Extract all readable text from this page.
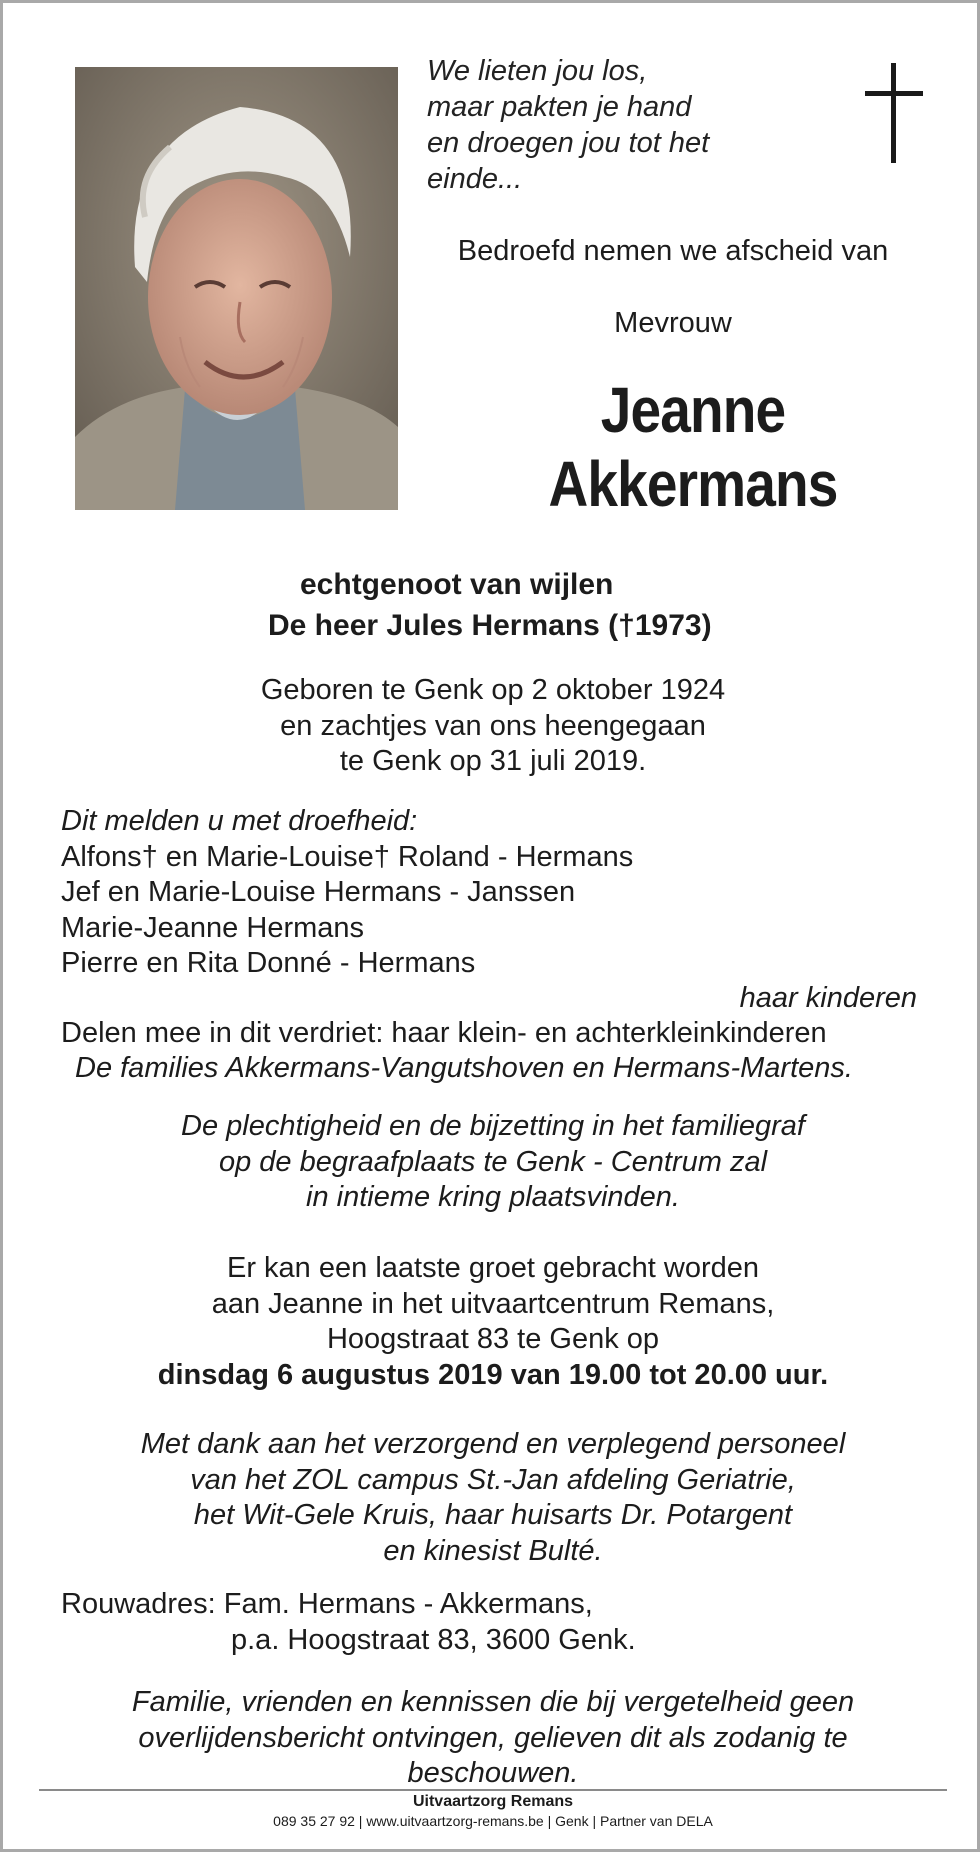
We lieten jou los,
maar pakten je hand
en droegen jou tot het
einde...
Bedroefd nemen we afscheid van
Mevrouw
Jeanne
Akkermans
echtgenoot van wijlen
De heer Jules Hermans (†1973)
Geboren te Genk op 2 oktober 1924
en zachtjes van ons heengegaan
te Genk op 31 juli 2019.
Dit melden u met droefheid:
Alfons† en Marie-Louise† Roland - Hermans
Jef en Marie-Louise Hermans - Janssen
Marie-Jeanne Hermans
Pierre en Rita Donné - Hermans
haar kinderen
Delen mee in dit verdriet: haar klein- en achterkleinkinderen
De families Akkermans-Vangutshoven en Hermans-Martens.
De plechtigheid en de bijzetting in het familiegraf
op de begraafplaats te Genk - Centrum zal
in intieme kring plaatsvinden.
Er kan een laatste groet gebracht worden
aan Jeanne in het uitvaartcentrum Remans,
Hoogstraat 83 te Genk op
dinsdag 6 augustus 2019 van 19.00 tot 20.00 uur.
Met dank aan het verzorgend en verplegend personeel
van het ZOL campus St.-Jan afdeling Geriatrie,
het Wit-Gele Kruis, haar huisarts Dr. Potargent
en kinesist Bulté.
Rouwadres: Fam. Hermans - Akkermans,
p.a. Hoogstraat 83, 3600 Genk.
Familie, vrienden en kennissen die bij vergetelheid geen
overlijdensbericht ontvingen, gelieven dit als zodanig te
beschouwen.
Uitvaartzorg Remans
089 35 27 92 | www.uitvaartzorg-remans.be | Genk | Partner van DELA
